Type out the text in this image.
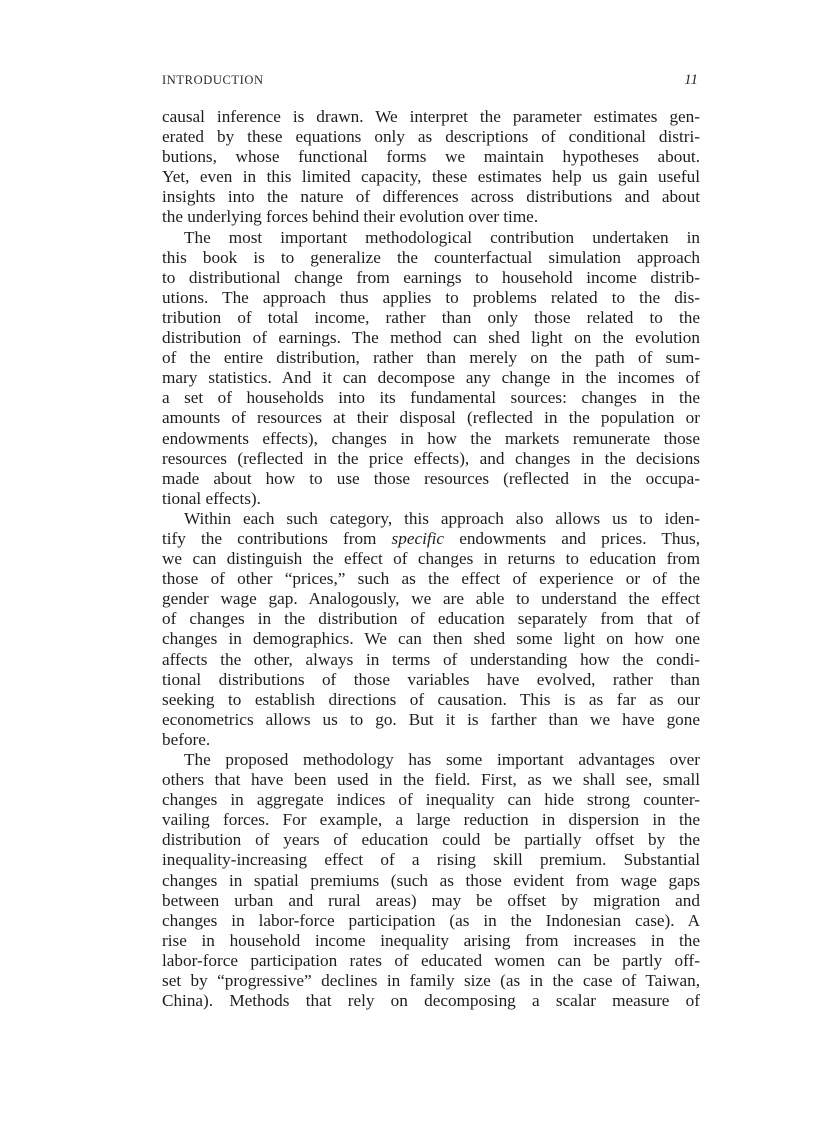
INTRODUCTION	11
causal inference is drawn. We interpret the parameter estimates gen-
erated by these equations only as descriptions of conditional distri-
butions, whose functional forms we maintain hypotheses about.
Yet, even in this limited capacity, these estimates help us gain useful
insights into the nature of differences across distributions and about
the underlying forces behind their evolution over time.
The most important methodological contribution undertaken in
this book is to generalize the counterfactual simulation approach
to distributional change from earnings to household income distrib-
utions. The approach thus applies to problems related to the dis-
tribution of total income, rather than only those related to the
distribution of earnings. The method can shed light on the evolution
of the entire distribution, rather than merely on the path of sum-
mary statistics. And it can decompose any change in the incomes of
a set of households into its fundamental sources: changes in the
amounts of resources at their disposal (reflected in the population or
endowments effects), changes in how the markets remunerate those
resources (reflected in the price effects), and changes in the decisions
made about how to use those resources (reflected in the occupa-
tional effects).
Within each such category, this approach also allows us to iden-
tify the contributions from specific endowments and prices. Thus,
we can distinguish the effect of changes in returns to education from
those of other “prices,” such as the effect of experience or of the
gender wage gap. Analogously, we are able to understand the effect
of changes in the distribution of education separately from that of
changes in demographics. We can then shed some light on how one
affects the other, always in terms of understanding how the condi-
tional distributions of those variables have evolved, rather than
seeking to establish directions of causation. This is as far as our
econometrics allows us to go. But it is farther than we have gone
before.
The proposed methodology has some important advantages over
others that have been used in the field. First, as we shall see, small
changes in aggregate indices of inequality can hide strong counter-
vailing forces. For example, a large reduction in dispersion in the
distribution of years of education could be partially offset by the
inequality-increasing effect of a rising skill premium. Substantial
changes in spatial premiums (such as those evident from wage gaps
between urban and rural areas) may be offset by migration and
changes in labor-force participation (as in the Indonesian case). A
rise in household income inequality arising from increases in the
labor-force participation rates of educated women can be partly off-
set by “progressive” declines in family size (as in the case of Taiwan,
China). Methods that rely on decomposing a scalar measure of
